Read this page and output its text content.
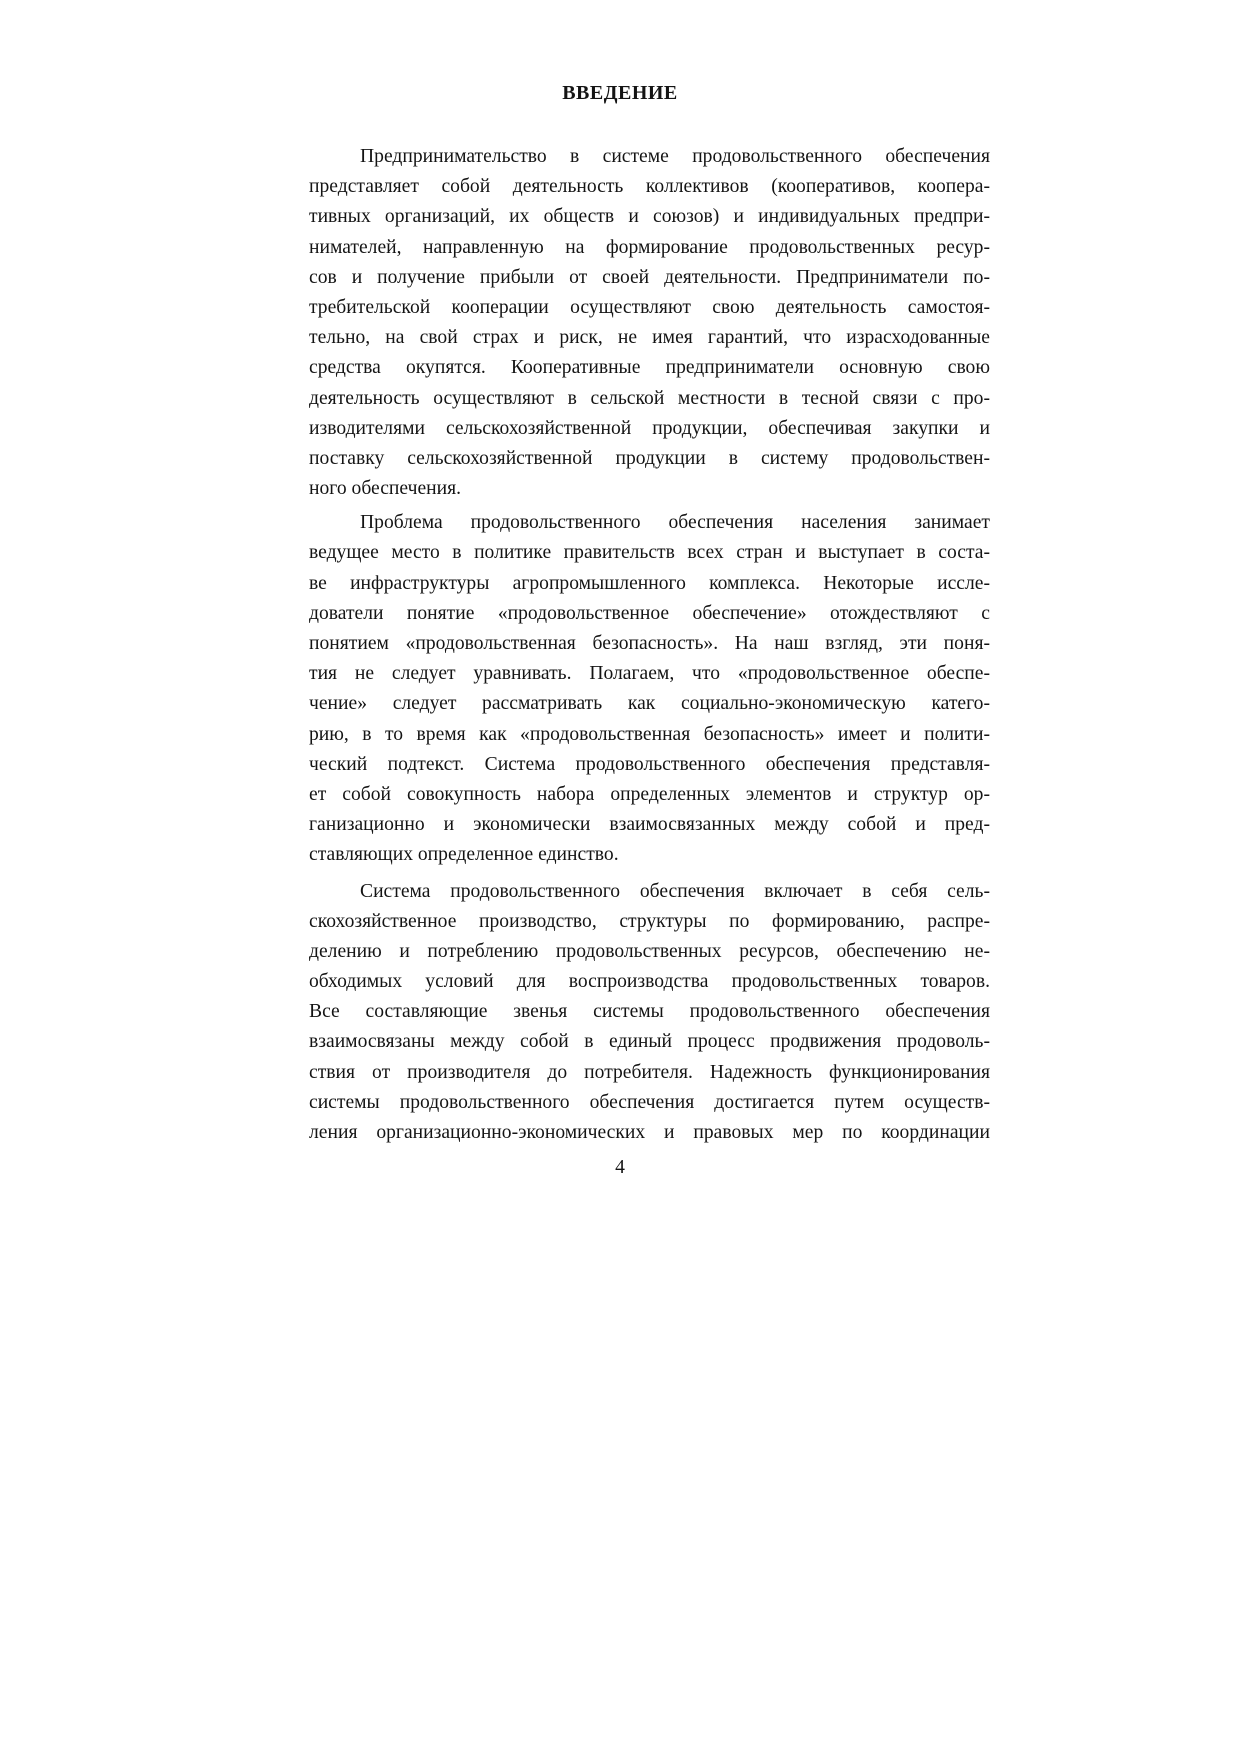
ВВЕДЕНИЕ
Предпринимательство в системе продовольственного обеспечения
представляет собой деятельность коллективов (кооперативов, коопера-
тивных организаций, их обществ и союзов) и индивидуальных предпри-
нимателей, направленную на формирование продовольственных ресур-
сов и получение прибыли от своей деятельности. Предприниматели по-
требительской кооперации осуществляют свою деятельность самостоя-
тельно, на свой страх и риск, не имея гарантий, что израсходованные
средства окупятся. Кооперативные предприниматели основную свою
деятельность осуществляют в сельской местности в тесной связи с про-
изводителями сельскохозяйственной продукции, обеспечивая закупки и
поставку сельскохозяйственной продукции в систему продовольствен-
ного обеспечения.
Проблема продовольственного обеспечения населения занимает
ведущее место в политике правительств всех стран и выступает в соста-
ве инфраструктуры агропромышленного комплекса. Некоторые иссле-
дователи понятие «продовольственное обеспечение» отождествляют с
понятием «продовольственная безопасность». На наш взгляд, эти поня-
тия не следует уравнивать. Полагаем, что «продовольственное обеспе-
чение» следует рассматривать как социально-экономическую катего-
рию, в то время как «продовольственная безопасность» имеет и полити-
ческий подтекст. Система продовольственного обеспечения представля-
ет собой совокупность набора определенных элементов и структур ор-
ганизационно и экономически взаимосвязанных между собой и пред-
ставляющих определенное единство.
Система продовольственного обеспечения включает в себя сель-
скохозяйственное производство, структуры по формированию, распре-
делению и потреблению продовольственных ресурсов, обеспечению не-
обходимых условий для воспроизводства продовольственных товаров.
Все составляющие звенья системы продовольственного обеспечения
взаимосвязаны между собой в единый процесс продвижения продоволь-
ствия от производителя до потребителя. Надежность функционирования
системы продовольственного обеспечения достигается путем осуществ-
ления организационно-экономических и правовых мер по координации
4
